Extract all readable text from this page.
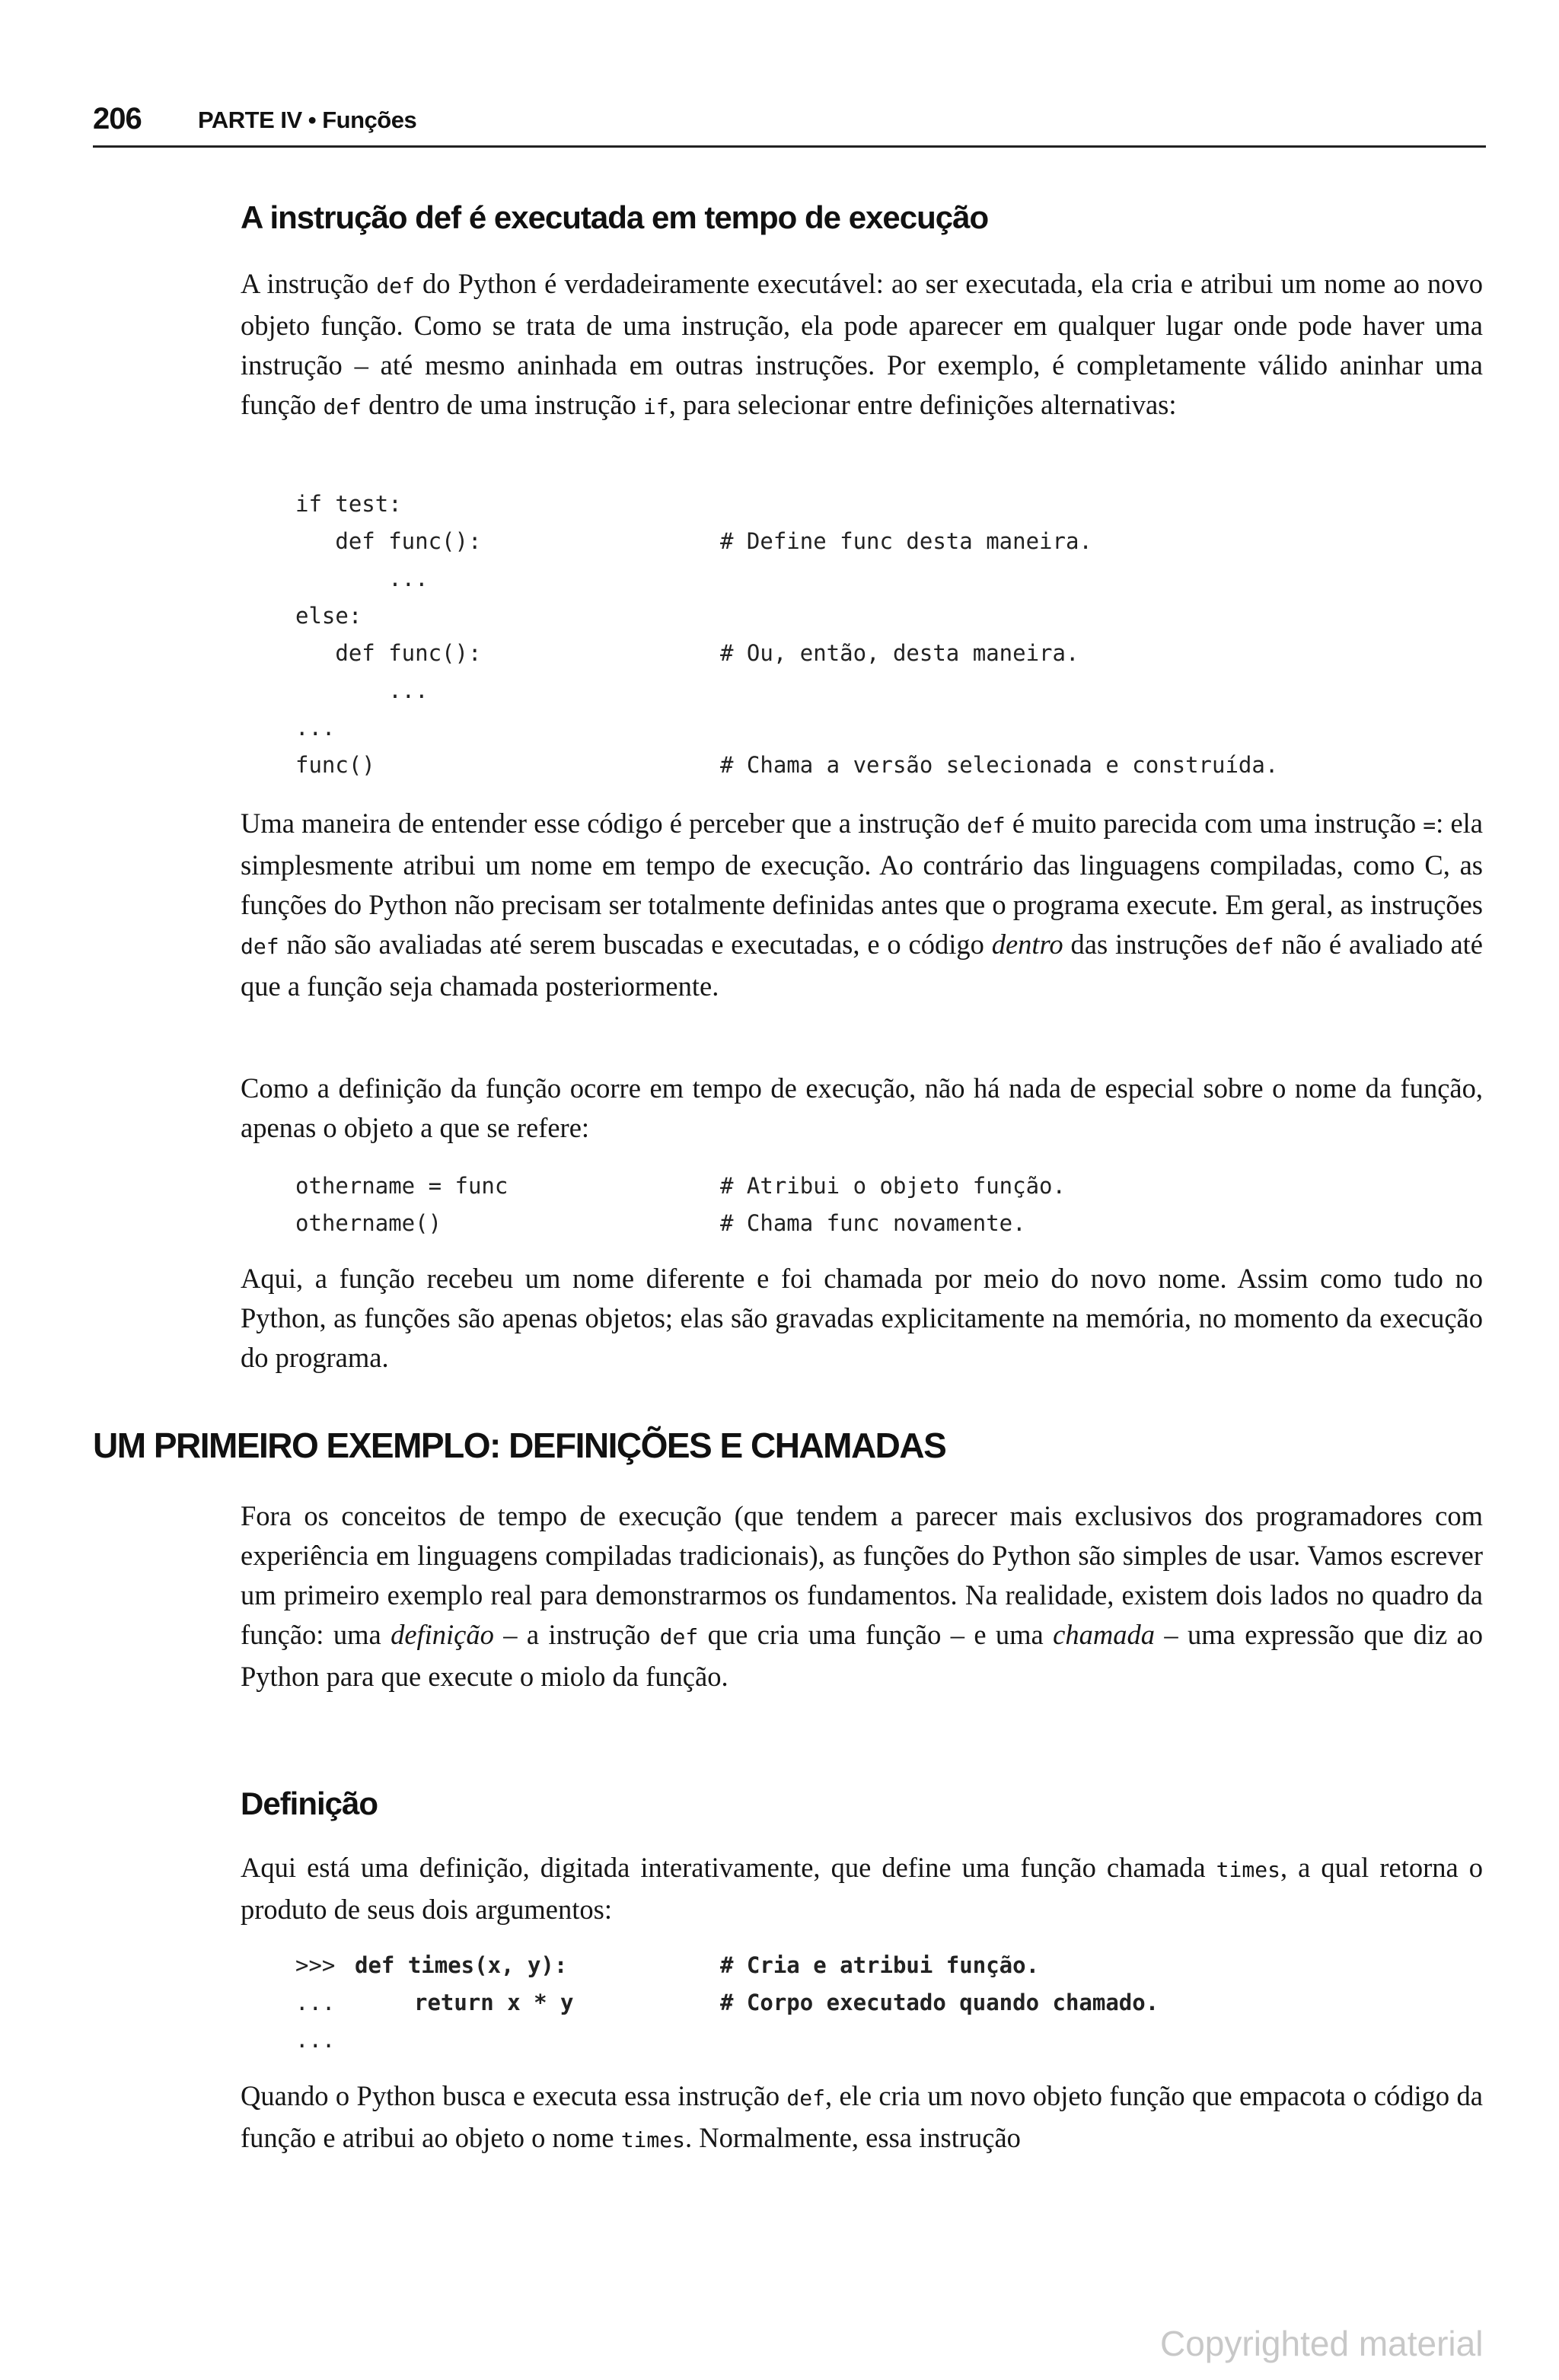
206 PARTE IV • Funções
A instrução def é executada em tempo de execução

A instrução def do Python é verdadeiramente executável: ao ser executada, ela cria e atribui um nome ao novo objeto função. Como se trata de uma instrução, ela pode aparecer em qualquer lugar onde pode haver uma instrução – até mesmo aninhada em outras instruções. Por exemplo, é completamente válido aninhar uma função def dentro de uma instrução if, para selecionar entre definições alternativas:

if test:
def func():	# Define func desta maneira.
...
else:
def func():	# Ou, então, desta maneira.
...
...
func()	# Chama a versão selecionada e construída.

Uma maneira de entender esse código é perceber que a instrução def é muito parecida com uma instrução =: ela simplesmente atribui um nome em tempo de execução. Ao contrário das linguagens compiladas, como C, as funções do Python não precisam ser totalmente definidas antes que o programa execute. Em geral, as instruções def não são avaliadas até serem buscadas e executadas, e o código dentro das instruções def não é avaliado até que a função seja chamada posteriormente.

Como a definição da função ocorre em tempo de execução, não há nada de especial sobre o nome da função, apenas o objeto a que se refere:

othername = func	# Atribui o objeto função.
othername()	# Chama func novamente.

Aqui, a função recebeu um nome diferente e foi chamada por meio do novo nome. Assim como tudo no Python, as funções são apenas objetos; elas são gravadas explicitamente na memória, no momento da execução do programa.

UM PRIMEIRO EXEMPLO: DEFINIÇÕES E CHAMADAS

Fora os conceitos de tempo de execução (que tendem a parecer mais exclusivos dos programadores com experiência em linguagens compiladas tradicionais), as funções do Python são simples de usar. Vamos escrever um primeiro exemplo real para demonstrarmos os fundamentos. Na realidade, existem dois lados no quadro da função: uma definição – a instrução def que cria uma função – e uma chamada – uma expressão que diz ao Python para que execute o miolo da função.

Definição

Aqui está uma definição, digitada interativamente, que define uma função chamada times, a qual retorna o produto de seus dois argumentos:

>>> def times(x, y):	# Cria e atribui função.
... return x * y	# Corpo executado quando chamado.
...

Quando o Python busca e executa essa instrução def, ele cria um novo objeto função que empacota o código da função e atribui ao objeto o nome times. Normalmente, essa instrução

Copyrighted material
